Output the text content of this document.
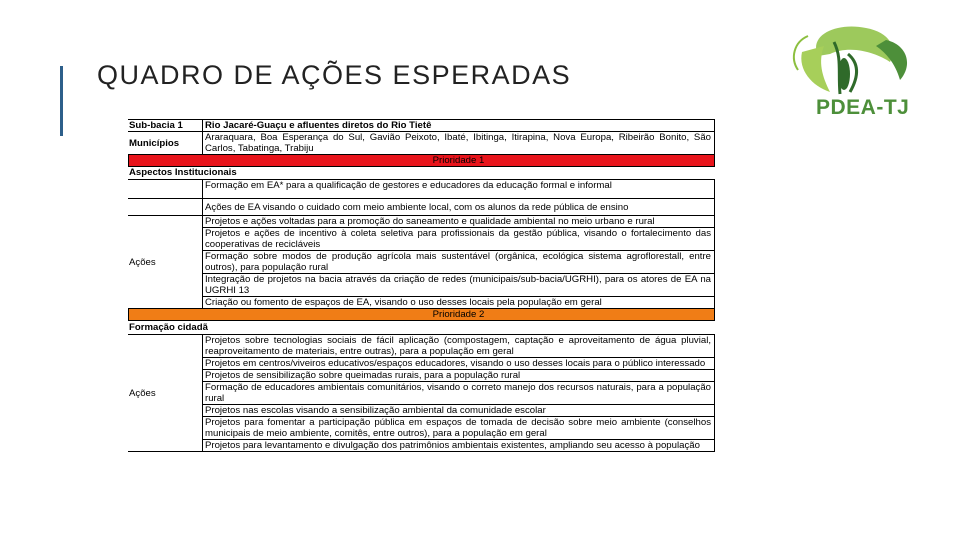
QUADRO DE AÇÕES ESPERADAS
PDEA-TJ
Sub-bacia 1	Rio Jacaré-Guaçu e afluentes diretos do Rio Tietê
Municípios	Araraquara, Boa Esperança do Sul, Gavião Peixoto, Ibaté, Ibitinga, Itirapina, Nova Europa, Ribeirão Bonito, São Carlos, Tabatinga, Trabiju
Prioridade 1
Aspectos Institucionais
Formação em EA* para a qualificação de gestores e educadores da educação formal e informal
Ações de EA visando o cuidado com meio ambiente local, com os alunos da rede pública de ensino
Ações
Projetos e ações voltadas para a promoção do saneamento e qualidade ambiental no meio urbano e rural
Projetos e ações de incentivo à coleta seletiva para profissionais da gestão pública, visando o fortalecimento das cooperativas de recicláveis
Formação sobre modos de produção agrícola mais sustentável (orgânica, ecológica sistema agroflorestall, entre outros), para população rural
Integração de projetos na bacia através da criação de redes (municipais/sub-bacia/UGRHI), para os atores de EA na UGRHI 13
Criação ou fomento de espaços de EA, visando o uso desses locais pela população em geral
Prioridade 2
Formação cidadã
Ações
Projetos sobre tecnologias sociais de fácil aplicação (compostagem, captação e aproveitamento de água pluvial, reaproveitamento de materiais, entre outras), para a população em geral
Projetos em centros/viveiros educativos/espaços educadores, visando o uso desses locais para o público interessado
Projetos de sensibilização sobre queimadas rurais, para a população rural
Formação de educadores ambientais comunitários, visando o correto manejo dos recursos naturais, para a população rural
Projetos nas escolas visando a sensibilização ambiental da comunidade escolar
Projetos para fomentar a participação pública em espaços de tomada de decisão sobre meio ambiente (conselhos municipais de meio ambiente, comitês, entre outros), para a população em geral
Projetos para levantamento e divulgação dos patrimônios ambientais existentes, ampliando seu acesso à população
